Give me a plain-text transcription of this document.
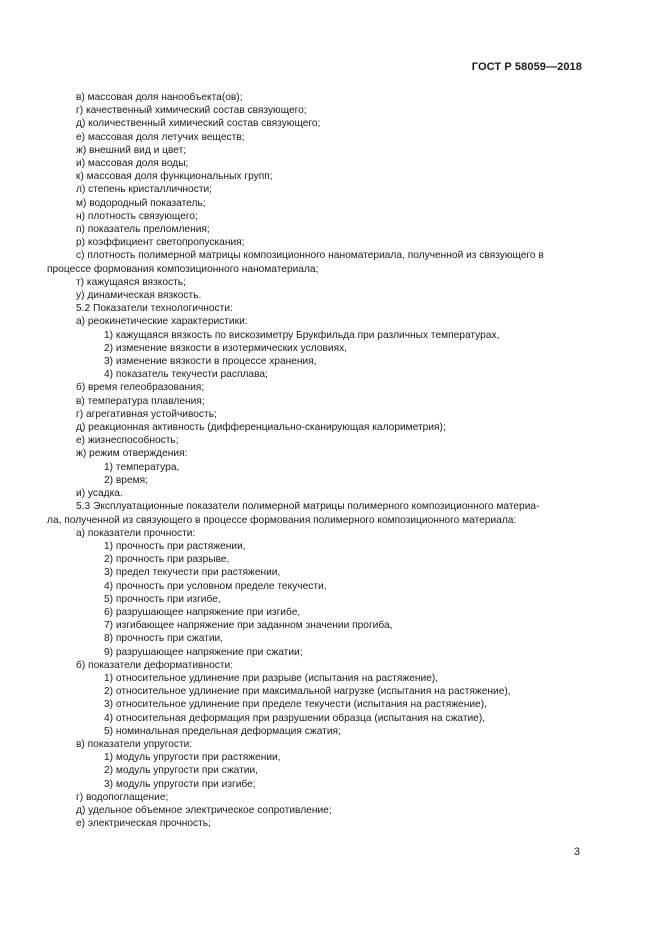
ГОСТ Р 58059—2018
в) массовая доля нанообъекта(ов);
г) качественный химический состав связующего;
д) количественный химический состав связующего;
е) массовая доля летучих веществ;
ж) внешний вид и цвет;
и) массовая доля воды;
к) массовая доля функциональных групп;
л) степень кристалличности;
м) водородный показатель;
н) плотность связующего;
п) показатель преломления;
р) коэффициент светопропускания;
с) плотность полимерной матрицы композиционного наноматериала, полученной из связующего в
процессе формования композиционного наноматериала;
т) кажущаяся вязкость;
у) динамическая вязкость.
5.2 Показатели технологичности:
а) реокинетические характеристики:
1) кажущаяся вязкость по вискозиметру Брукфильда при различных температурах,
2) изменение вязкости в изотермических условиях,
3) изменение вязкости в процессе хранения,
4) показатель текучести расплава;
б) время гелеобразования;
в) температура плавления;
г) агрегативная устойчивость;
д) реакционная активность (дифференциально-сканирующая калориметрия);
е) жизнеспособность;
ж) режим отверждения:
1) температура,
2) время;
и) усадка.
5.3 Эксплуатационные показатели полимерной матрицы полимерного композиционного материа-
ла, полученной из связующего в процессе формования полимерного композиционного материала:
а) показатели прочности:
1) прочность при растяжении,
2) прочность при разрыве,
3) предел текучести при растяжении,
4) прочность при условном пределе текучести,
5) прочность при изгибе,
6) разрушающее напряжение при изгибе,
7) изгибающее напряжение при заданном значении прогиба,
8) прочность при сжатии,
9) разрушающее напряжение при сжатии;
б) показатели деформативности:
1) относительное удлинение при разрыве (испытания на растяжение),
2) относительное удлинение при максимальной нагрузке (испытания на растяжение),
3) относительное удлинение при пределе текучести (испытания на растяжение),
4) относительная деформация при разрушении образца (испытания на сжатие),
5) номинальная предельная деформация сжатия;
в) показатели упругости:
1) модуль упругости при растяжении,
2) модуль упругости при сжатии,
3) модуль упругости при изгибе;
г) водопоглащение;
д) удельное объемное электрическое сопротивление;
е) электрическая прочность;
3
